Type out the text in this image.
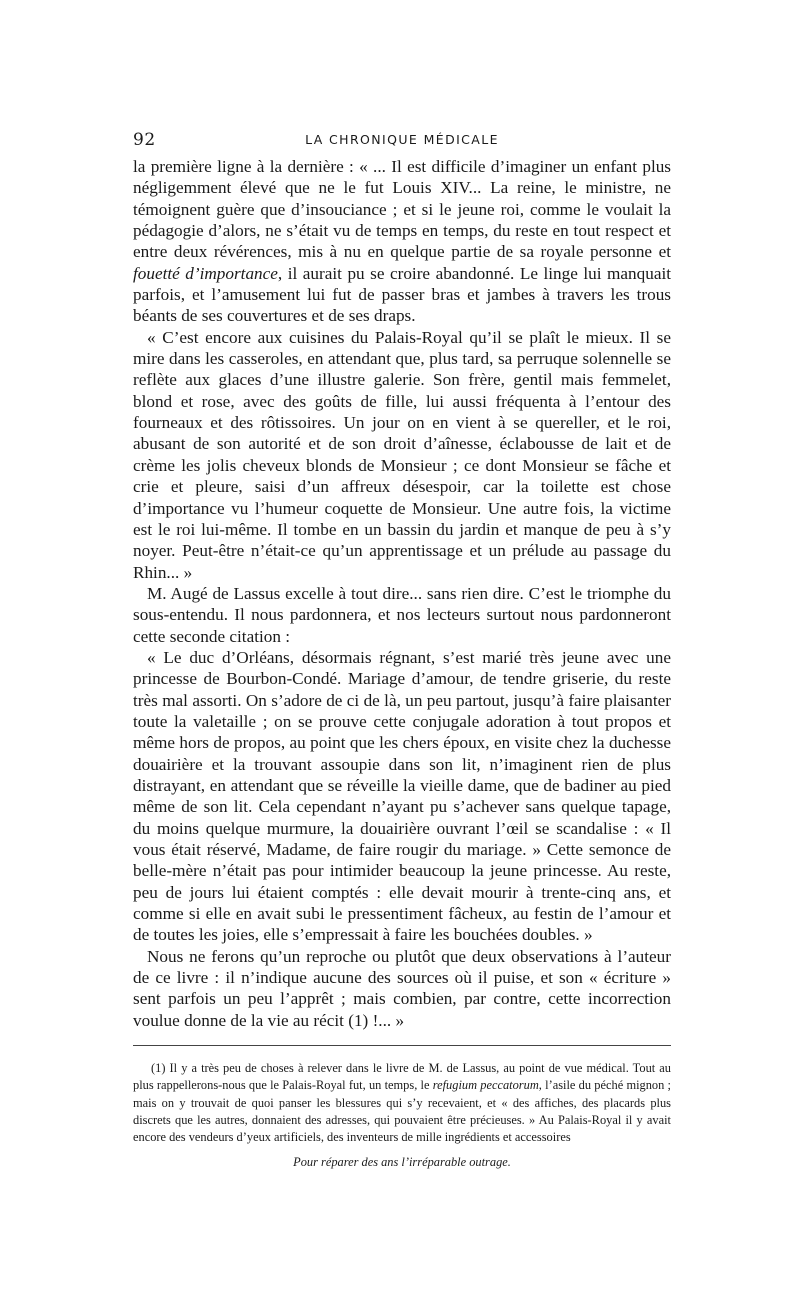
92	LA CHRONIQUE MÉDICALE

la première ligne à la dernière : « ... Il est difficile d’imaginer un enfant plus négligemment élevé que ne le fut Louis XIV... La reine, le ministre, ne témoignent guère que d’insouciance ; et si le jeune roi, comme le voulait la pédagogie d’alors, ne s’était vu de temps en temps, du reste en tout respect et entre deux révérences, mis à nu en quelque partie de sa royale personne et fouetté d’importance, il aurait pu se croire abandonné. Le linge lui manquait parfois, et l’amusement lui fut de passer bras et jambes à travers les trous béants de ses couvertures et de ses draps.

« C’est encore aux cuisines du Palais-Royal qu’il se plaît le mieux. Il se mire dans les casseroles, en attendant que, plus tard, sa perruque solennelle se reflète aux glaces d’une illustre galerie. Son frère, gentil mais femmelet, blond et rose, avec des goûts de fille, lui aussi fréquenta à l’entour des fourneaux et des rôtissoires. Un jour on en vient à se quereller, et le roi, abusant de son autorité et de son droit d’aînesse, éclabousse de lait et de crème les jolis cheveux blonds de Monsieur ; ce dont Monsieur se fâche et crie et pleure, saisi d’un affreux désespoir, car la toilette est chose d’importance vu l’humeur coquette de Monsieur. Une autre fois, la victime est le roi lui-même. Il tombe en un bassin du jardin et manque de peu à s’y noyer. Peut-être n’était-ce qu’un apprentissage et un prélude au passage du Rhin... »

M. Augé de Lassus excelle à tout dire... sans rien dire. C’est le triomphe du sous-entendu. Il nous pardonnera, et nos lecteurs surtout nous pardonneront cette seconde citation :

« Le duc d’Orléans, désormais régnant, s’est marié très jeune avec une princesse de Bourbon-Condé. Mariage d’amour, de tendre griserie, du reste très mal assorti. On s’adore de ci de là, un peu partout, jusqu’à faire plaisanter toute la valetaille ; on se prouve cette conjugale adoration à tout propos et même hors de propos, au point que les chers époux, en visite chez la duchesse douairière et la trouvant assoupie dans son lit, n’imaginent rien de plus distrayant, en attendant que se réveille la vieille dame, que de badiner au pied même de son lit. Cela cependant n’ayant pu s’achever sans quelque tapage, du moins quelque murmure, la douairière ouvrant l’œil se scandalise : « Il vous était réservé, Madame, de faire rougir du mariage. » Cette semonce de belle-mère n’était pas pour intimider beaucoup la jeune princesse. Au reste, peu de jours lui étaient comptés : elle devait mourir à trente-cinq ans, et comme si elle en avait subi le pressentiment fâcheux, au festin de l’amour et de toutes les joies, elle s’empressait à faire les bouchées doubles. »

Nous ne ferons qu’un reproche ou plutôt que deux observations à l’auteur de ce livre : il n’indique aucune des sources où il puise, et son « écriture » sent parfois un peu l’apprêt ; mais combien, par contre, cette incorrection voulue donne de la vie au récit (1) !... »

(1) Il y a très peu de choses à relever dans le livre de M. de Lassus, au point de vue médical. Tout au plus rappellerons-nous que le Palais-Royal fut, un temps, le refugium peccatorum, l’asile du péché mignon ; mais on y trouvait de quoi panser les blessures qui s’y recevaient, et « des affiches, des placards plus discrets que les autres, donnaient des adresses, qui pouvaient être précieuses. » Au Palais-Royal il y avait encore des vendeurs d’yeux artificiels, des inventeurs de mille ingrédients et accessoires

Pour réparer des ans l’irréparable outrage.
